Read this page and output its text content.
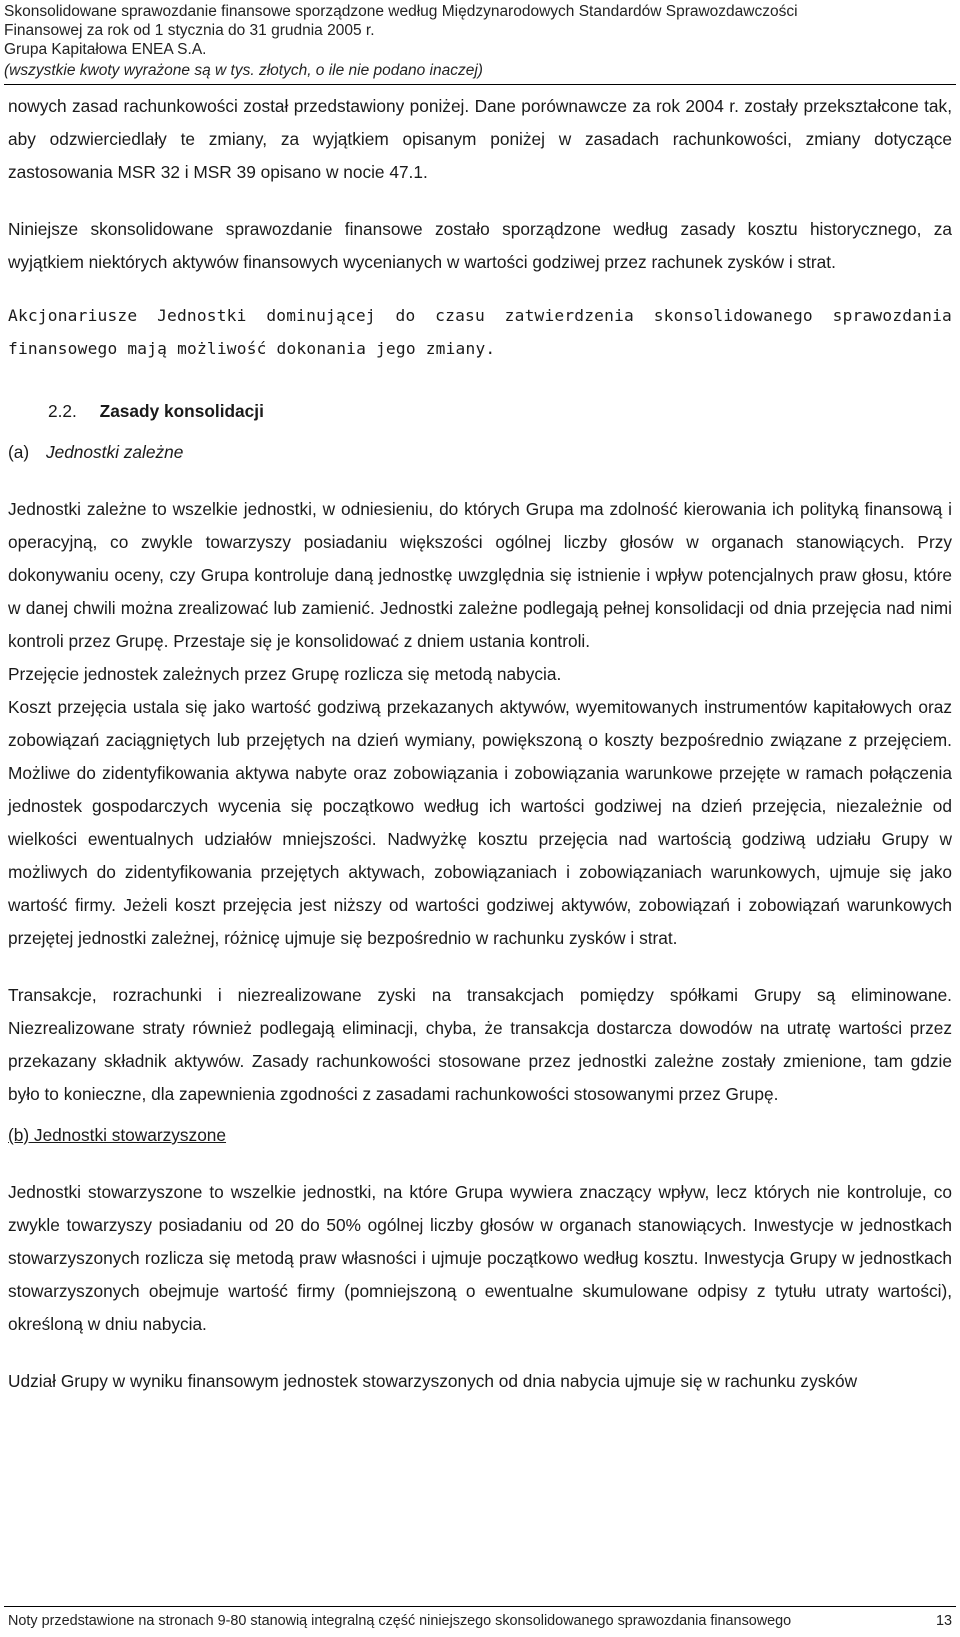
Skonsolidowane sprawozdanie finansowe sporządzone według Międzynarodowych Standardów Sprawozdawczości
Finansowej za rok od 1 stycznia do 31 grudnia 2005 r.
Grupa Kapitałowa ENEA S.A.
(wszystkie kwoty wyrażone są w tys. złotych, o ile nie podano inaczej)

nowych zasad rachunkowości został przedstawiony poniżej. Dane porównawcze za rok 2004 r. zostały przekształcone tak, aby odzwierciedlały te zmiany, za wyjątkiem opisanym poniżej w zasadach rachunkowości, zmiany dotyczące zastosowania MSR 32 i MSR 39 opisano w nocie 47.1.

Niniejsze skonsolidowane sprawozdanie finansowe zostało sporządzone według zasady kosztu historycznego, za wyjątkiem niektórych aktywów finansowych wycenianych w wartości godziwej przez rachunek zysków i strat.

Akcjonariusze Jednostki dominującej do czasu zatwierdzenia skonsolidowanego sprawozdania finansowego mają możliwość dokonania jego zmiany.

2.2. Zasady konsolidacji
(a) Jednostki zależne

Jednostki zależne to wszelkie jednostki, w odniesieniu, do których Grupa ma zdolność kierowania ich polityką finansową i operacyjną, co zwykle towarzyszy posiadaniu większości ogólnej liczby głosów w organach stanowiących. Przy dokonywaniu oceny, czy Grupa kontroluje daną jednostkę uwzględnia się istnienie i wpływ potencjalnych praw głosu, które w danej chwili można zrealizować lub zamienić. Jednostki zależne podlegają pełnej konsolidacji od dnia przejęcia nad nimi kontroli przez Grupę. Przestaje się je konsolidować z dniem ustania kontroli.

Przejęcie jednostek zależnych przez Grupę rozlicza się metodą nabycia.

Koszt przejęcia ustala się jako wartość godziwą przekazanych aktywów, wyemitowanych instrumentów kapitałowych oraz zobowiązań zaciągniętych lub przejętych na dzień wymiany, powiększoną o koszty bezpośrednio związane z przejęciem. Możliwe do zidentyfikowania aktywa nabyte oraz zobowiązania i zobowiązania warunkowe przejęte w ramach połączenia jednostek gospodarczych wycenia się początkowo według ich wartości godziwej na dzień przejęcia, niezależnie od wielkości ewentualnych udziałów mniejszości. Nadwyżkę kosztu przejęcia nad wartością godziwą udziału Grupy w możliwych do zidentyfikowania przejętych aktywach, zobowiązaniach i zobowiązaniach warunkowych, ujmuje się jako wartość firmy. Jeżeli koszt przejęcia jest niższy od wartości godziwej aktywów, zobowiązań i zobowiązań warunkowych przejętej jednostki zależnej, różnicę ujmuje się bezpośrednio w rachunku zysków i strat.

Transakcje, rozrachunki i niezrealizowane zyski na transakcjach pomiędzy spółkami Grupy są eliminowane. Niezrealizowane straty również podlegają eliminacji, chyba, że transakcja dostarcza dowodów na utratę wartości przez przekazany składnik aktywów. Zasady rachunkowości stosowane przez jednostki zależne zostały zmienione, tam gdzie było to konieczne, dla zapewnienia zgodności z zasadami rachunkowości stosowanymi przez Grupę.

(b) Jednostki stowarzyszone

Jednostki stowarzyszone to wszelkie jednostki, na które Grupa wywiera znaczący wpływ, lecz których nie kontroluje, co zwykle towarzyszy posiadaniu od 20 do 50% ogólnej liczby głosów w organach stanowiących. Inwestycje w jednostkach stowarzyszonych rozlicza się metodą praw własności i ujmuje początkowo według kosztu. Inwestycja Grupy w jednostkach stowarzyszonych obejmuje wartość firmy (pomniejszoną o ewentualne skumulowane odpisy z tytułu utraty wartości), określoną w dniu nabycia.

Udział Grupy w wyniku finansowym jednostek stowarzyszonych od dnia nabycia ujmuje się w rachunku zysków

Noty przedstawione na stronach 9-80 stanowią integralną część niniejszego skonsolidowanego sprawozdania finansowego	13
